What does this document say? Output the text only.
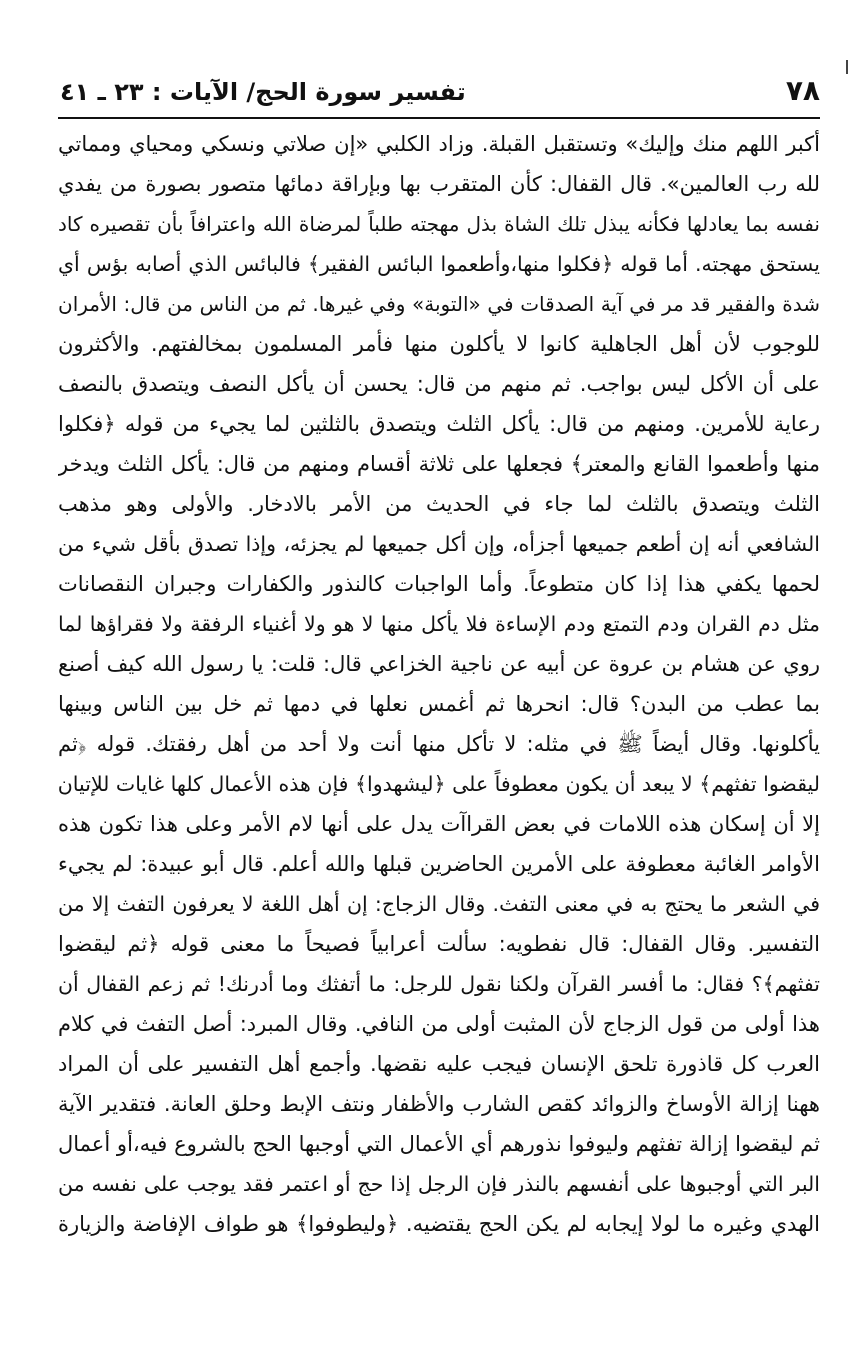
٧٨
تفسير سورة الحج/ الآيات : ٢٣ ـ ٤١
أكبر اللهم منك وإليك» وتستقبل القبلة. وزاد الكلبي «إن صلاتي ونسكي ومحياي ومماتي
لله رب العالمين». قال القفال: كأن المتقرب بها وبإراقة دمائها متصور بصورة من يفدي
نفسه بما يعادلها فكأنه يبذل تلك الشاة بذل مهجته طلباً لمرضاة الله واعترافاً بأن تقصيره كاد
يستحق مهجته. أما قوله ﴿فكلوا منها،وأطعموا البائس الفقير﴾ فالبائس الذي أصابه بؤس أي
شدة والفقير قد مر في آية الصدقات في «التوبة» وفي غيرها. ثم من الناس من قال: الأمران
للوجوب لأن أهل الجاهلية كانوا لا يأكلون منها فأمر المسلمون بمخالفتهم. والأكثرون
على أن الأكل ليس بواجب. ثم منهم من قال: يحسن أن يأكل النصف ويتصدق بالنصف
رعاية للأمرين. ومنهم من قال: يأكل الثلث ويتصدق بالثلثين لما يجيء من قوله ﴿فكلوا
منها وأطعموا القانع والمعتر﴾ فجعلها على ثلاثة أقسام ومنهم من قال: يأكل الثلث ويدخر
الثلث ويتصدق بالثلث لما جاء في الحديث من الأمر بالادخار. والأولى وهو مذهب
الشافعي أنه إن أطعم جميعها أجزأه، وإن أكل جميعها لم يجزئه، وإذا تصدق بأقل شيء من
لحمها يكفي هذا إذا كان متطوعاً. وأما الواجبات كالنذور والكفارات وجبران النقصانات
مثل دم القران ودم التمتع ودم الإساءة فلا يأكل منها لا هو ولا أغنياء الرفقة ولا فقراؤها لما
روي عن هشام بن عروة عن أبيه عن ناجية الخزاعي قال: قلت: يا رسول الله كيف أصنع
بما عطب من البدن؟ قال: انحرها ثم أغمس نعلها في دمها ثم خل بين الناس وبينها
يأكلونها. وقال أيضاً ﷺ في مثله: لا تأكل منها أنت ولا أحد من أهل رفقتك. قوله ﴿ثم
ليقضوا تفثهم﴾ لا يبعد أن يكون معطوفاً على ﴿ليشهدوا﴾ فإن هذه الأعمال كلها غايات للإتيان
إلا أن إسكان هذه اللامات في بعض القراآت يدل على أنها لام الأمر وعلى هذا تكون هذه
الأوامر الغائبة معطوفة على الأمرين الحاضرين قبلها والله أعلم. قال أبو عبيدة: لم يجيء
في الشعر ما يحتج به في معنى التفث. وقال الزجاج: إن أهل اللغة لا يعرفون التفث إلا من
التفسير. وقال القفال: قال نفطويه: سألت أعرابياً فصيحاً ما معنى قوله ﴿ثم ليقضوا
تفثهم﴾؟ فقال: ما أفسر القرآن ولكنا نقول للرجل: ما أتفثك وما أدرنك! ثم زعم القفال أن
هذا أولى من قول الزجاج لأن المثبت أولى من النافي. وقال المبرد: أصل التفث في كلام
العرب كل قاذورة تلحق الإنسان فيجب عليه نقضها. وأجمع أهل التفسير على أن المراد
ههنا إزالة الأوساخ والزوائد كقص الشارب والأظفار ونتف الإبط وحلق العانة. فتقدير الآية
ثم ليقضوا إزالة تفثهم وليوفوا نذورهم أي الأعمال التي أوجبها الحج بالشروع فيه،أو أعمال
البر التي أوجبوها على أنفسهم بالنذر فإن الرجل إذا حج أو اعتمر فقد يوجب على نفسه من
الهدي وغيره ما لولا إيجابه لم يكن الحج يقتضيه. ﴿وليطوفوا﴾ هو طواف الإفاضة والزيارة
